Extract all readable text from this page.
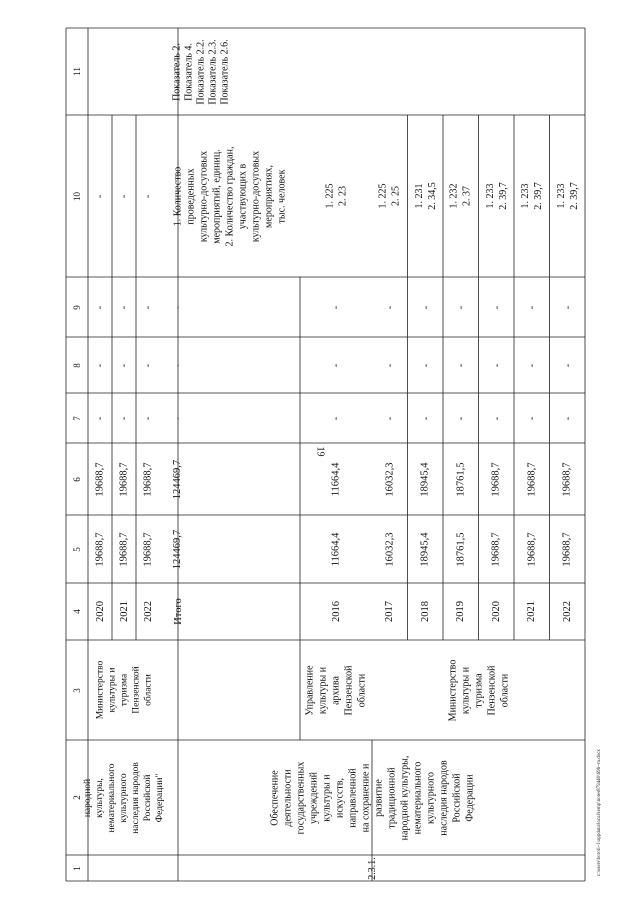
19
c:\users\boroli~1\appdata\local\temp\notes879440\696~ru.docx
1
2
3
4
5
6
7
8
9
10
11
народной
культуры,
нематериального
культурного
наследия народов
Российской
Федерации"
Министерство
культуры и
туризма
Пензенской
области
2020
19688,7
19688,7
-
-
-
-
2021
19688,7
19688,7
-
-
-
-
2022
19688,7
19688,7
-
-
-
-
2.3.1.
Обеспечение
деятельности
государственных
учреждений
культуры и
искусств,
направленной
на сохранение и
развитие
традиционной
народной культуры,
нематериального
культурного
наследия народов
Российской
Федерации
Итого
124469,7
124469,7
-
-
-
1. Количество
проведенных
культурно-досуговых
мероприятий, единиц.
2. Количество граждан,
участвующих в
культурно-досуговых
мероприятиях,
тыс. человек
Показатель 2.
Показатель 4.
Показатель 2.2.
Показатель 2.3.
Показатель 2.6.
Управление
культуры и
архива
Пензенской
области
2016
11664,4
11664,4
-
-
-
1. 225
2. 23
Министерство
культуры и
туризма
Пензенской
области
2017
16032,3
16032,3
-
-
-
1. 225
2. 25
2018
18945,4
18945,4
-
-
-
1. 231
2. 34,5
2019
18761,5
18761,5
-
-
-
1. 232
2. 37
2020
19688,7
19688,7
-
-
-
1. 233
2. 39,7
2021
19688,7
19688,7
-
-
-
1. 233
2. 39,7
2022
19688,7
19688,7
-
-
-
1. 233
2. 39,7
